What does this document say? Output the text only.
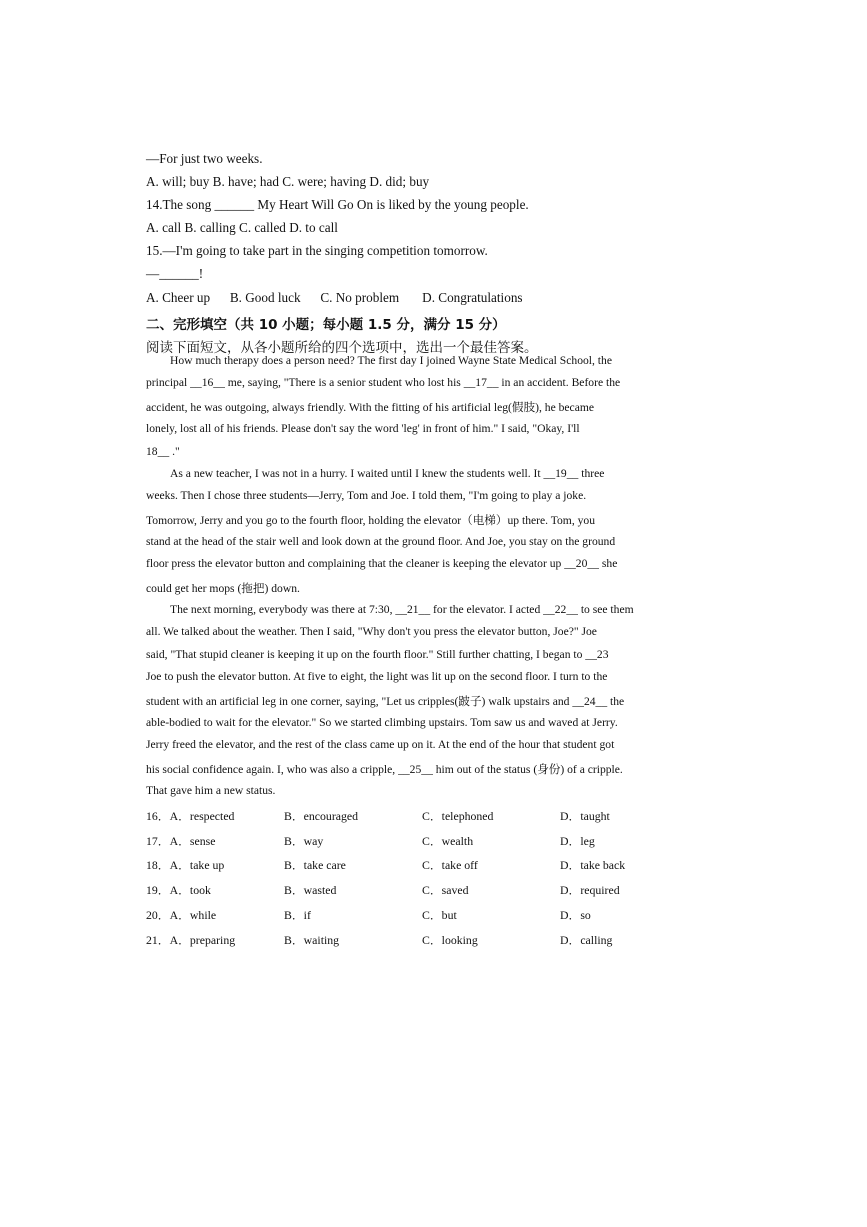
—For just two weeks.
A. will; buy B. have; had C. were; having D. did; buy
14.The song ______ My Heart Will Go On is liked by the young people.
A. call B. calling C. called D. to call
15.—I'm going to take part in the singing competition tomorrow.
—______!
A. Cheer up      B. Good luck      C. No problem       D. Congratulations
二、完形填空（共 10 小题；每小题 1.5 分，满分 15 分）
阅读下面短文，从各小题所给的四个选项中，选出一个最佳答案。
How much therapy does a person need? The first day I joined Wayne State Medical School, the
principal __16__ me, saying, "There is a senior student who lost his __17__ in an accident. Before the
accident, he was outgoing, always friendly. With the fitting of his artificial leg(假肢), he became
lonely, lost all of his friends. Please don't say the word 'leg' in front of him." I said, "Okay, I'll
18__ ."
As a new teacher, I was not in a hurry. I waited until I knew the students well. It __19__ three
weeks. Then I chose three students—Jerry, Tom and Joe. I told them, "I'm going to play a joke.
Tomorrow, Jerry and you go to the fourth floor, holding the elevator（电梯）up there. Tom, you
stand at the head of the stair well and look down at the ground floor. And Joe, you stay on the ground
floor press the elevator button and complaining that the cleaner is keeping the elevator up __20__ she
could get her mops (拖把) down.
The next morning, everybody was there at 7:30, __21__ for the elevator. I acted __22__ to see them
all. We talked about the weather. Then I said, "Why don't you press the elevator button, Joe?" Joe
said, "That stupid cleaner is keeping it up on the fourth floor." Still further chatting, I began to __23
Joe to push the elevator button. At five to eight, the light was lit up on the second floor. I turn to the
student with an artificial leg in one corner, saying, "Let us cripples(跛子) walk upstairs and __24__ the
able-bodied to wait for the elevator." So we started climbing upstairs. Tom saw us and waved at Jerry.
Jerry freed the elevator, and the rest of the class came up on it. At the end of the hour that student got
his social confidence again. I, who was also a cripple, __25__ him out of the status (身份) of a cripple.
That gave him a new status.
16．A．respected	B．encouraged	C．telephoned	D．taught
17．A．sense	B．way	C．wealth	D．leg
18．A．take up	B．take care	C．take off	D．take back
19．A．took	B．wasted	C．saved	D．required
20．A．while	B．if	C．but	D．so
21．A．preparing	B．waiting	C．looking	D．calling
